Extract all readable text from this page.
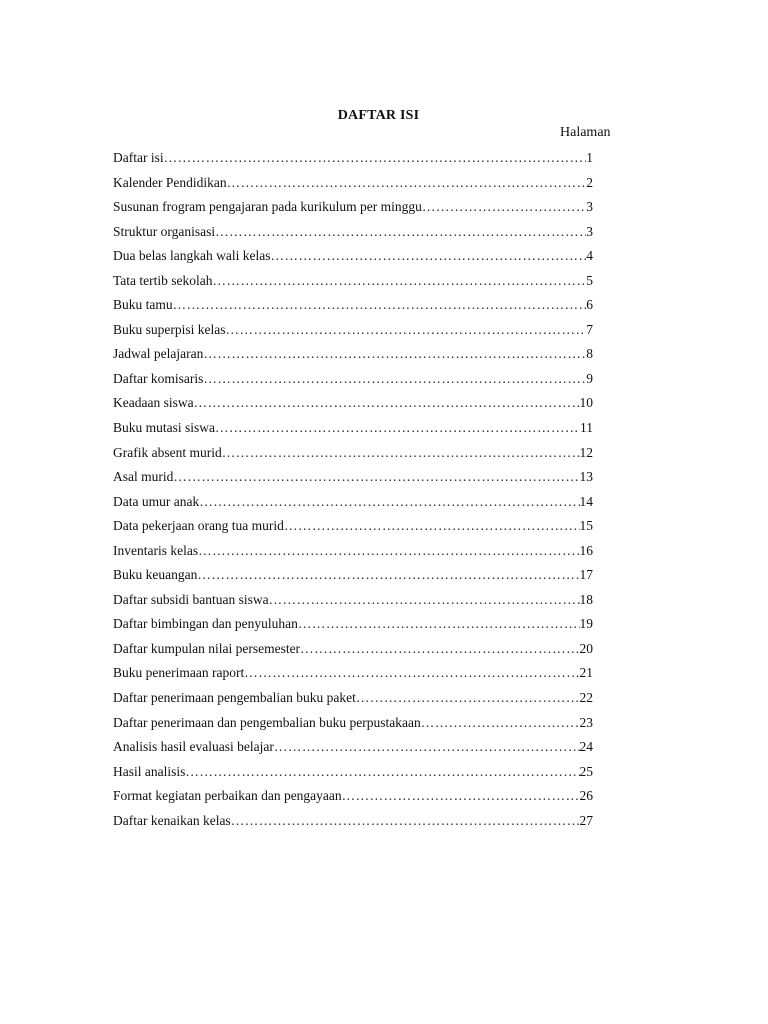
DAFTAR ISI
Halaman
Daftar isi ……………………………………………………………………………………………………………………………………………………………………	1
Kalender Pendidikan ……………………………………………………………………………………………………………………………………………………………………	2
Susunan frogram pengajaran pada kurikulum per minggu ……………………………………………………………………………………………………………………………………………………………………	3
Struktur organisasi ……………………………………………………………………………………………………………………………………………………………………	3
Dua belas langkah wali kelas ……………………………………………………………………………………………………………………………………………………………………	4
Tata tertib sekolah ……………………………………………………………………………………………………………………………………………………………………	5
Buku tamu ……………………………………………………………………………………………………………………………………………………………………	6
Buku superpisi kelas ……………………………………………………………………………………………………………………………………………………………………	7
Jadwal pelajaran ……………………………………………………………………………………………………………………………………………………………………	8
Daftar komisaris ……………………………………………………………………………………………………………………………………………………………………	9
Keadaan siswa ……………………………………………………………………………………………………………………………………………………………………	10
Buku mutasi siswa ……………………………………………………………………………………………………………………………………………………………………	11
Grafik absent murid ……………………………………………………………………………………………………………………………………………………………………	12
Asal murid ……………………………………………………………………………………………………………………………………………………………………	13
Data umur anak ……………………………………………………………………………………………………………………………………………………………………	14
Data pekerjaan orang tua murid ……………………………………………………………………………………………………………………………………………………………………	15
Inventaris kelas ……………………………………………………………………………………………………………………………………………………………………	16
Buku keuangan ……………………………………………………………………………………………………………………………………………………………………	17
Daftar subsidi bantuan siswa ……………………………………………………………………………………………………………………………………………………………………	18
Daftar bimbingan dan penyuluhan ……………………………………………………………………………………………………………………………………………………………………	19
Daftar kumpulan nilai persemester ……………………………………………………………………………………………………………………………………………………………………	20
Buku penerimaan raport ……………………………………………………………………………………………………………………………………………………………………	21
Daftar penerimaan pengembalian buku paket ……………………………………………………………………………………………………………………………………………………………………	22
Daftar penerimaan dan pengembalian buku perpustakaan ……………………………………………………………………………………………………………………………………………………………………	23
Analisis hasil evaluasi belajar ……………………………………………………………………………………………………………………………………………………………………	24
Hasil analisis ……………………………………………………………………………………………………………………………………………………………………	25
Format kegiatan perbaikan dan pengayaan ……………………………………………………………………………………………………………………………………………………………………	26
Daftar kenaikan kelas ……………………………………………………………………………………………………………………………………………………………………	27
